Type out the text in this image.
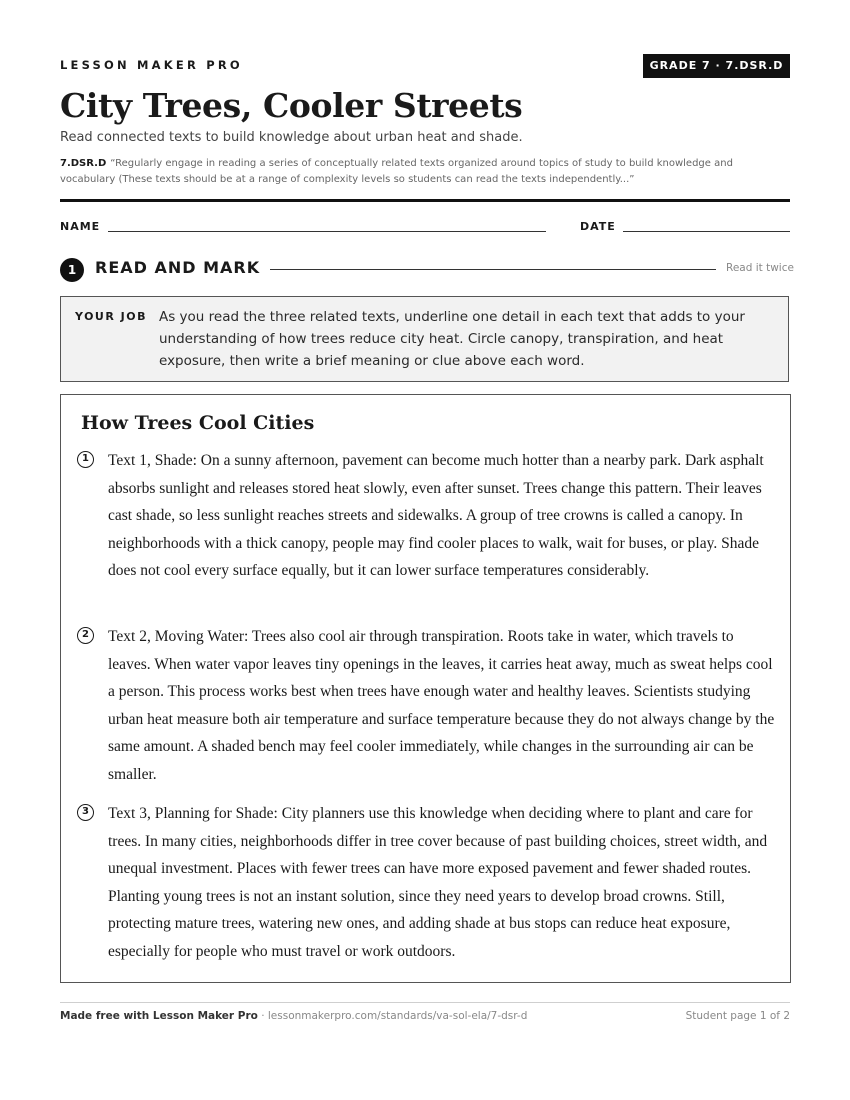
LESSON MAKER PRO	GRADE 7 · 7.DSR.D
City Trees, Cooler Streets
Read connected texts to build knowledge about urban heat and shade.
7.DSR.D “Regularly engage in reading a series of conceptually related texts organized around topics of study to build knowledge and vocabulary (These texts should be at a range of complexity levels so students can read the texts independently...”
NAME	DATE
1	READ AND MARK	Read it twice
YOUR JOB As you read the three related texts, underline one detail in each text that adds to your understanding of how trees reduce city heat. Circle canopy, transpiration, and heat exposure, then write a brief meaning or clue above each word.
How Trees Cool Cities
1	Text 1, Shade: On a sunny afternoon, pavement can become much hotter than a nearby park. Dark asphalt absorbs sunlight and releases stored heat slowly, even after sunset. Trees change this pattern. Their leaves cast shade, so less sunlight reaches streets and sidewalks. A group of tree crowns is called a canopy. In neighborhoods with a thick canopy, people may find cooler places to walk, wait for buses, or play. Shade does not cool every surface equally, but it can lower surface temperatures considerably.
2	Text 2, Moving Water: Trees also cool air through transpiration. Roots take in water, which travels to leaves. When water vapor leaves tiny openings in the leaves, it carries heat away, much as sweat helps cool a person. This process works best when trees have enough water and healthy leaves. Scientists studying urban heat measure both air temperature and surface temperature because they do not always change by the same amount. A shaded bench may feel cooler immediately, while changes in the surrounding air can be smaller.
3	Text 3, Planning for Shade: City planners use this knowledge when deciding where to plant and care for trees. In many cities, neighborhoods differ in tree cover because of past building choices, street width, and unequal investment. Places with fewer trees can have more exposed pavement and fewer shaded routes. Planting young trees is not an instant solution, since they need years to develop broad crowns. Still, protecting mature trees, watering new ones, and adding shade at bus stops can reduce heat exposure, especially for people who must travel or work outdoors.
Made free with Lesson Maker Pro · lessonmakerpro.com/standards/va-sol-ela/7-dsr-d	Student page 1 of 2
